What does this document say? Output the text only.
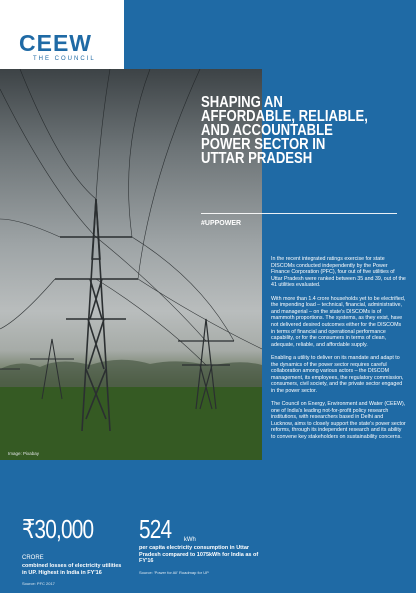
CEEW
THE COUNCIL
Image: Pixabay
SHAPING AN AFFORDABLE, RELIABLE, AND ACCOUNTABLE POWER SECTOR IN UTTAR PRADESH
#UPPOWER

In the recent integrated ratings exercise for state DISCOMs conducted independently by the Power Finance Corporation (PFC), four out of five utilities of Uttar Pradesh were ranked between 35 and 39, out of the 41 utilities evaluated.

With more than 1.4 crore households yet to be electrified, the impending load – technical, financial, administrative, and managerial – on the state's DISCOMs is of mammoth proportions. The systems, as they exist, have not delivered desired outcomes either for the DISCOMs in terms of financial and operational performance capability, or for the consumers in terms of clean, adequate, reliable, and affordable supply.

Enabling a utility to deliver on its mandate and adapt to the dynamics of the power sector requires careful collaboration among various actors – the DISCOM management, its employees, the regulatory commission, consumers, civil society, and the private sector engaged in the power sector.

The Council on Energy, Environment and Water (CEEW), one of India's leading not-for-profit policy research institutions, with researchers based in Delhi and Lucknow, aims to closely support the state's power sector reforms, through its independent research and its ability to convene key stakeholders on sustainability concerns.

₹30,000 CRORE
combined losses of electricity utilities in UP. Highest in India in FY'16
Source: PFC 2017
524 kWh
per capita electricity consumption in Uttar Pradesh compared to 1075kWh for India as of FY'16
Source: 'Power for All' Roadmap for UP
